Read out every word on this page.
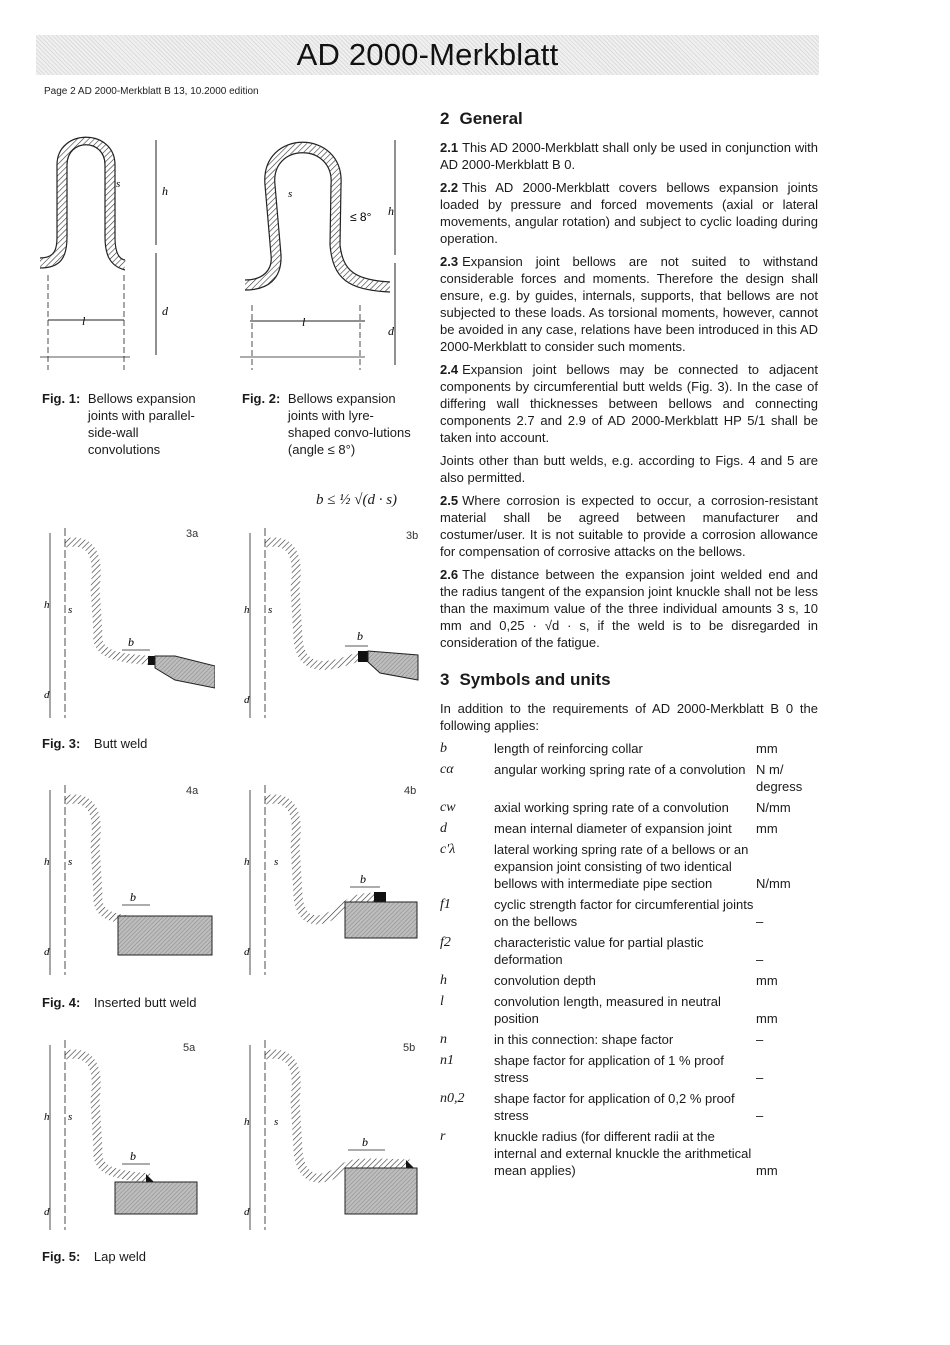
AD 2000-Merkblatt
Page 2 AD 2000-Merkblatt B 13, 10.2000 edition
l
h
d
s
Fig. 1: Bellows expansion joints with parallel-side-wall convolutions
l
h
d
s
≤ 8°
Fig. 2: Bellows expansion joints with lyre-shaped convo-lutions (angle ≤ 8°)
b ≤ ½ √(d · s)
b
s
h
d
3a
b
s
h
d
3b
Fig. 3: Butt weld
b
s
h
d
4a
b
s
h
d
4b
Fig. 4: Inserted butt weld
b
s
h
d
5a
b
s
h
d
5b
Fig. 5: Lap weld
2 General
2.1 This AD 2000-Merkblatt shall only be used in conjunction with AD 2000-Merkblatt B 0.
2.2 This AD 2000-Merkblatt covers bellows expansion joints loaded by pressure and forced movements (axial or lateral movements, angular rotation) and subject to cyclic loading during operation.
2.3 Expansion joint bellows are not suited to withstand considerable forces and moments. Therefore the design shall ensure, e.g. by guides, internals, supports, that bellows are not subjected to these loads. As torsional moments, however, cannot be avoided in any case, relations have been introduced in this AD 2000-Merkblatt to consider such moments.
2.4 Expansion joint bellows may be connected to adjacent components by circumferential butt welds (Fig. 3). In the case of differing wall thicknesses between bellows and connecting components 2.7 and 2.9 of AD 2000-Merkblatt HP 5/1 shall be taken into account.
Joints other than butt welds, e.g. according to Figs. 4 and 5 are also permitted.
2.5 Where corrosion is expected to occur, a corrosion-resistant material shall be agreed between manufacturer and costumer/user. It is not suitable to provide a corrosion allowance for compensation of corrosive attacks on the bellows.
2.6 The distance between the expansion joint welded end and the radius tangent of the expansion joint knuckle shall not be less than the maximum value of the three individual amounts 3 s, 10 mm and 0,25 · √d · s, if the weld is to be disregarded in consideration of the fatigue.
3 Symbols and units
In addition to the requirements of AD 2000-Merkblatt B 0 the following applies:
b	length of reinforcing collar	mm
cα	angular working spring rate of a convolution	N m/ degress
cw	axial working spring rate of a convolution	N/mm
d	mean internal diameter of expansion joint	mm
c′λ	lateral working spring rate of a bellows or an expansion joint consisting of two identical bellows with intermediate pipe section	N/mm
f1	cyclic strength factor for circumferential joints on the bellows	–
f2	characteristic value for partial plastic deformation	–
h	convolution depth	mm
l	convolution length, measured in neutral position	mm
n	in this connection: shape factor	–
n1	shape factor for application of 1 % proof stress	–
n0,2	shape factor for application of 0,2 % proof stress	–
r	knuckle radius (for different radii at the internal and external knuckle the arithmetical mean applies)	mm
